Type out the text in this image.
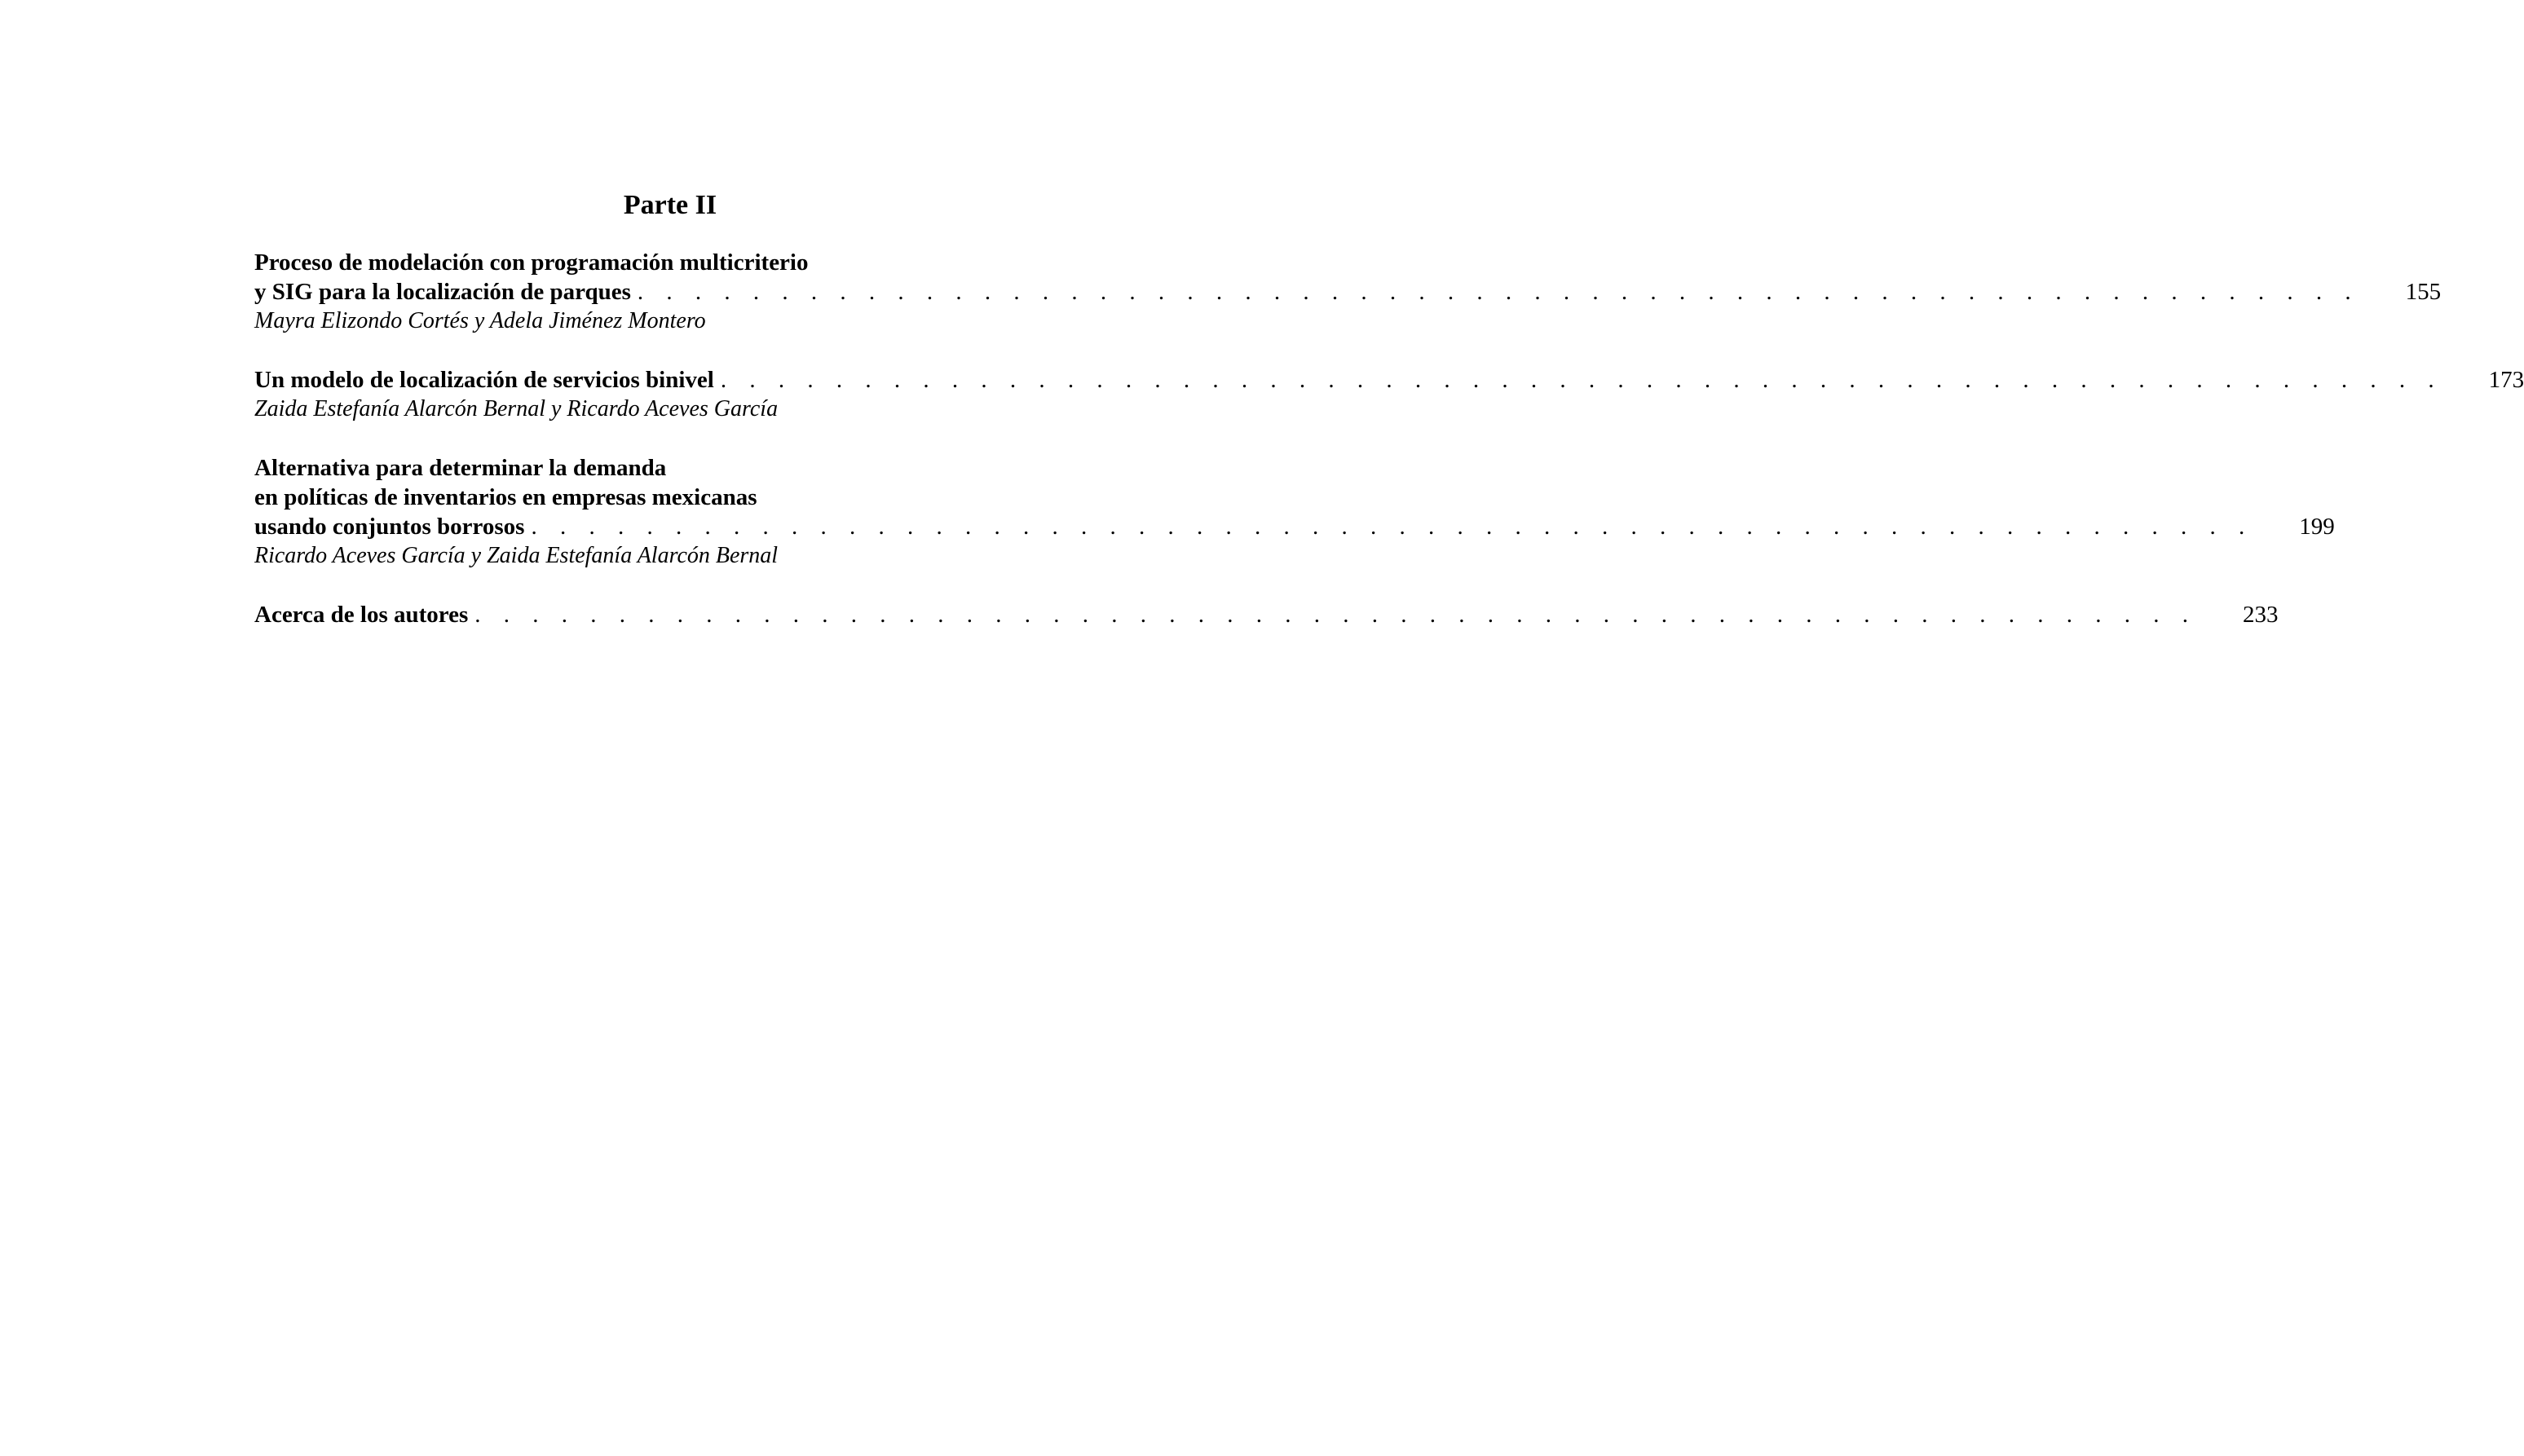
Parte II
Proceso de modelación con programación multicriterio
y SIG para la localización de parques . . . . . . . . . . . . . . . . . . . . . . . . . . . . . . . . . . . . . . . . . . . . . . . . . . . . . . . . . . . . 155
Mayra Elizondo Cortés y Adela Jiménez Montero
Un modelo de localización de servicios binivel . . . . . . . . . . . . . . . . . . . . . . . . . . . . . . . . . . . . . . . . . . . . . . . . . . . . . . . . . . . . 173
Zaida Estefanía Alarcón Bernal y Ricardo Aceves García
Alternativa para determinar la demanda
en políticas de inventarios en empresas mexicanas
usando conjuntos borrosos . . . . . . . . . . . . . . . . . . . . . . . . . . . . . . . . . . . . . . . . . . . . . . . . . . . . . . . . . . . . 199
Ricardo Aceves García y Zaida Estefanía Alarcón Bernal
Acerca de los autores . . . . . . . . . . . . . . . . . . . . . . . . . . . . . . . . . . . . . . . . . . . . . . . . . . . . . . . . . . . . 233
